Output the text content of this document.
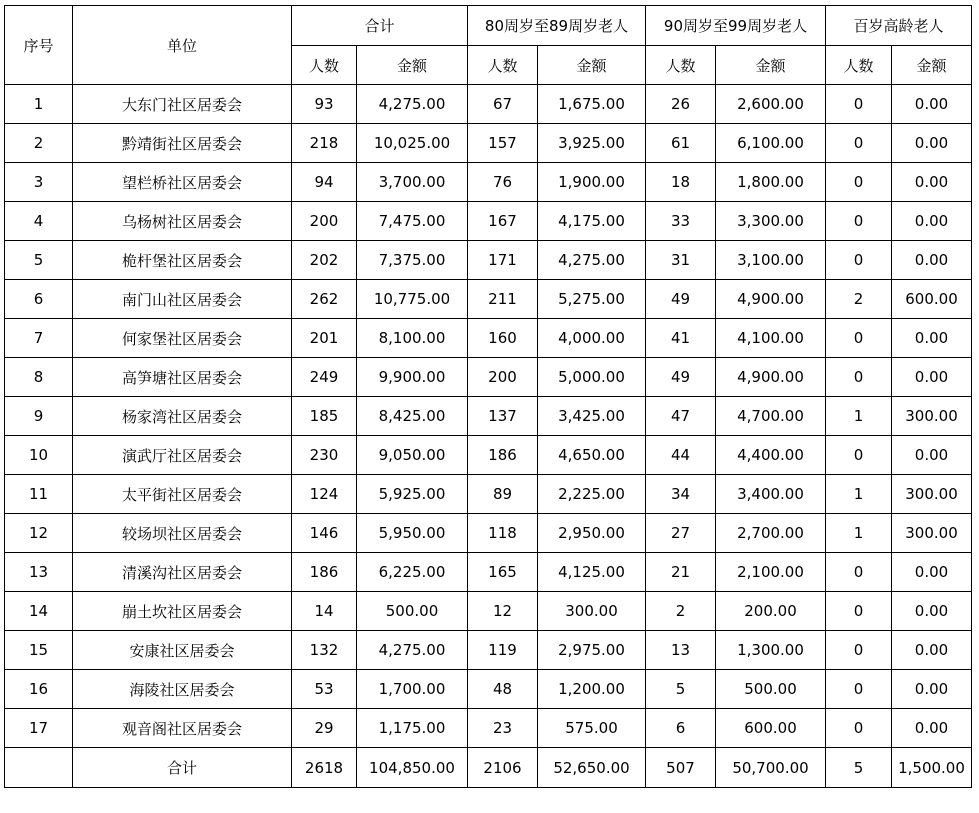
序号	单位	合计		80周岁至89周岁老人		90周岁至99周岁老人		百岁高龄老人	
		人数	金额	人数	金额	人数	金额	人数	金额
1	大东门社区居委会	93	4,275.00	67	1,675.00	26	2,600.00	0	0.00
2	黔靖街社区居委会	218	10,025.00	157	3,925.00	61	6,100.00	0	0.00
3	望栏桥社区居委会	94	3,700.00	76	1,900.00	18	1,800.00	0	0.00
4	乌杨树社区居委会	200	7,475.00	167	4,175.00	33	3,300.00	0	0.00
5	桅杆堡社区居委会	202	7,375.00	171	4,275.00	31	3,100.00	0	0.00
6	南门山社区居委会	262	10,775.00	211	5,275.00	49	4,900.00	2	600.00
7	何家堡社区居委会	201	8,100.00	160	4,000.00	41	4,100.00	0	0.00
8	高笋塘社区居委会	249	9,900.00	200	5,000.00	49	4,900.00	0	0.00
9	杨家湾社区居委会	185	8,425.00	137	3,425.00	47	4,700.00	1	300.00
10	演武厅社区居委会	230	9,050.00	186	4,650.00	44	4,400.00	0	0.00
11	太平街社区居委会	124	5,925.00	89	2,225.00	34	3,400.00	1	300.00
12	较场坝社区居委会	146	5,950.00	118	2,950.00	27	2,700.00	1	300.00
13	清溪沟社区居委会	186	6,225.00	165	4,125.00	21	2,100.00	0	0.00
14	崩土坎社区居委会	14	500.00	12	300.00	2	200.00	0	0.00
15	安康社区居委会	132	4,275.00	119	2,975.00	13	1,300.00	0	0.00
16	海陵社区居委会	53	1,700.00	48	1,200.00	5	500.00	0	0.00
17	观音阁社区居委会	29	1,175.00	23	575.00	6	600.00	0	0.00
	合计	2618	104,850.00	2106	52,650.00	507	50,700.00	5	1,500.00
